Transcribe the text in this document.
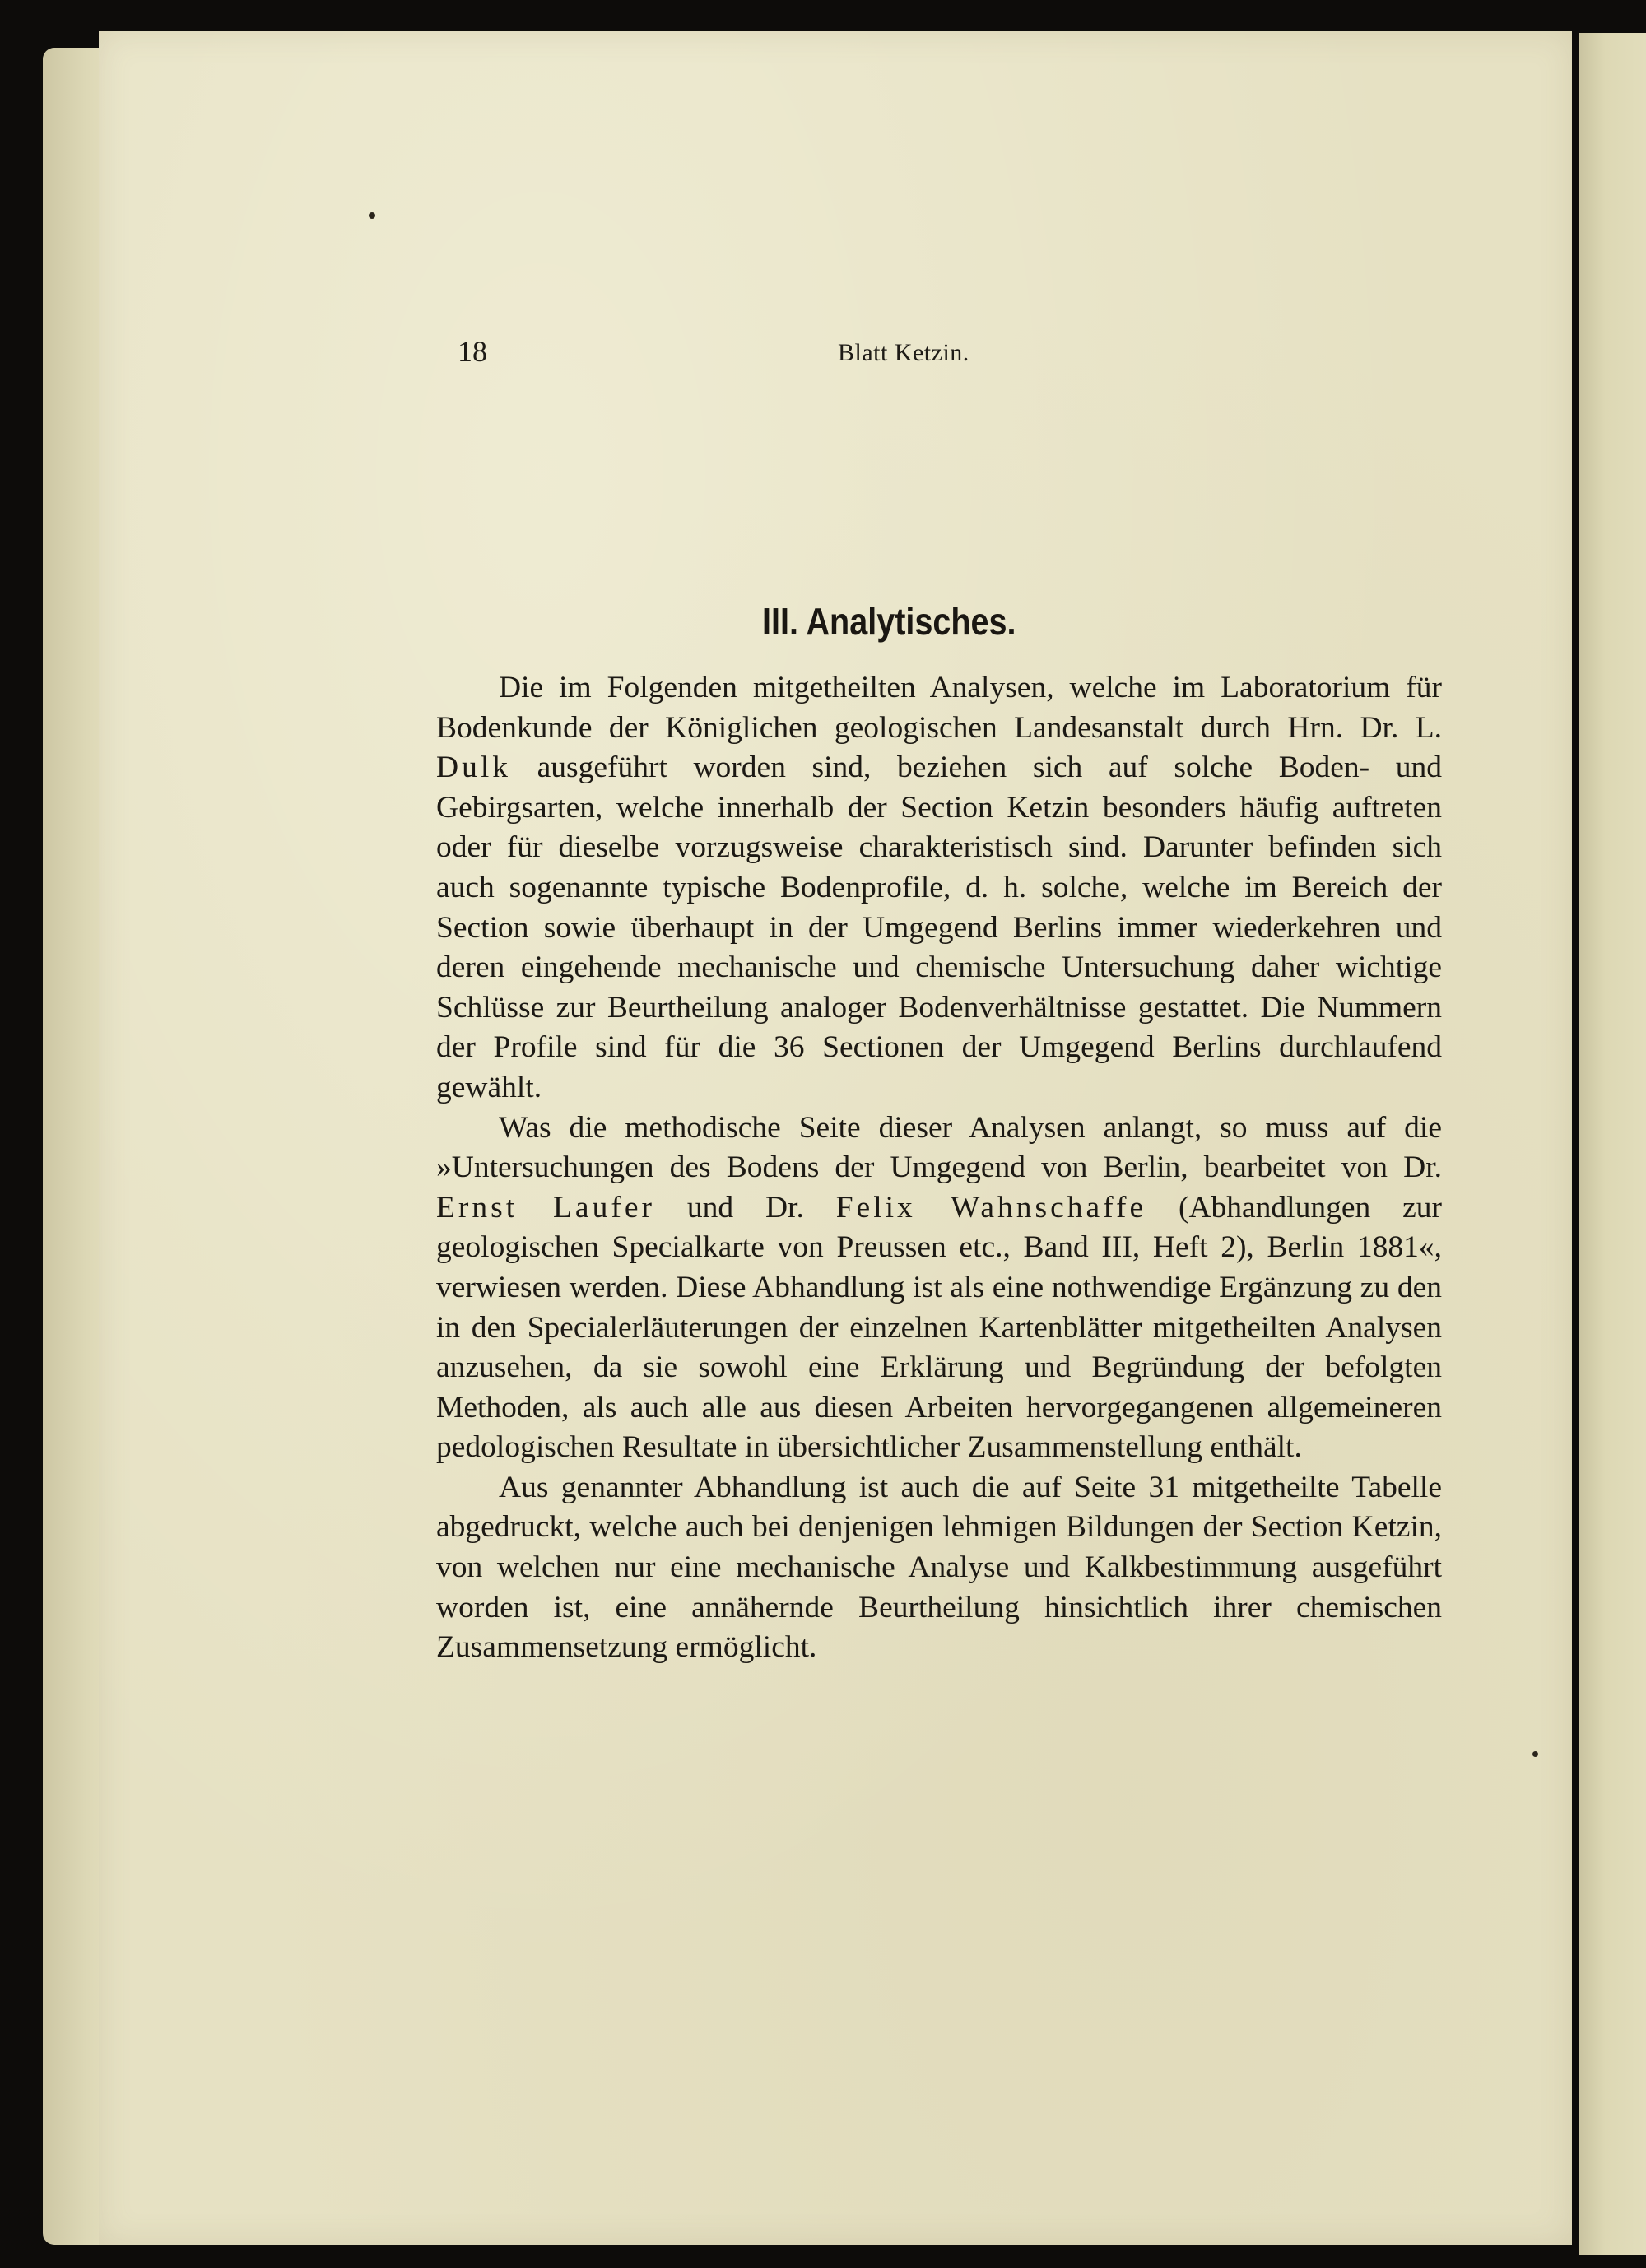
18	Blatt Ketzin.
III. Analytisches.

Die im Folgenden mitgetheilten Analysen, welche im Laboratorium für Bodenkunde der Königlichen geologischen Landesanstalt durch Hrn. Dr. L. Dulk ausgeführt worden sind, beziehen sich auf solche Boden- und Gebirgsarten, welche innerhalb der Section Ketzin besonders häufig auftreten oder für dieselbe vorzugsweise charakteristisch sind. Darunter befinden sich auch sogenannte typische Bodenprofile, d. h. solche, welche im Bereich der Section sowie überhaupt in der Umgegend Berlins immer wiederkehren und deren eingehende mechanische und chemische Untersuchung daher wichtige Schlüsse zur Beurtheilung analoger Bodenverhältnisse gestattet. Die Nummern der Profile sind für die 36 Sectionen der Umgegend Berlins durchlaufend gewählt.

Was die methodische Seite dieser Analysen anlangt, so muss auf die »Untersuchungen des Bodens der Umgegend von Berlin, bearbeitet von Dr. Ernst Laufer und Dr. Felix Wahnschaffe (Abhandlungen zur geologischen Specialkarte von Preussen etc., Band III, Heft 2), Berlin 1881«, verwiesen werden. Diese Abhandlung ist als eine nothwendige Ergänzung zu den in den Specialerläuterungen der einzelnen Kartenblätter mitgetheilten Analysen anzusehen, da sie sowohl eine Erklärung und Begründung der befolgten Methoden, als auch alle aus diesen Arbeiten hervorgegangenen allgemeineren pedologischen Resultate in übersichtlicher Zusammenstellung enthält.

Aus genannter Abhandlung ist auch die auf Seite 31 mitgetheilte Tabelle abgedruckt, welche auch bei denjenigen lehmigen Bildungen der Section Ketzin, von welchen nur eine mechanische Analyse und Kalkbestimmung ausgeführt worden ist, eine annähernde Beurtheilung hinsichtlich ihrer chemischen Zusammensetzung ermöglicht.
